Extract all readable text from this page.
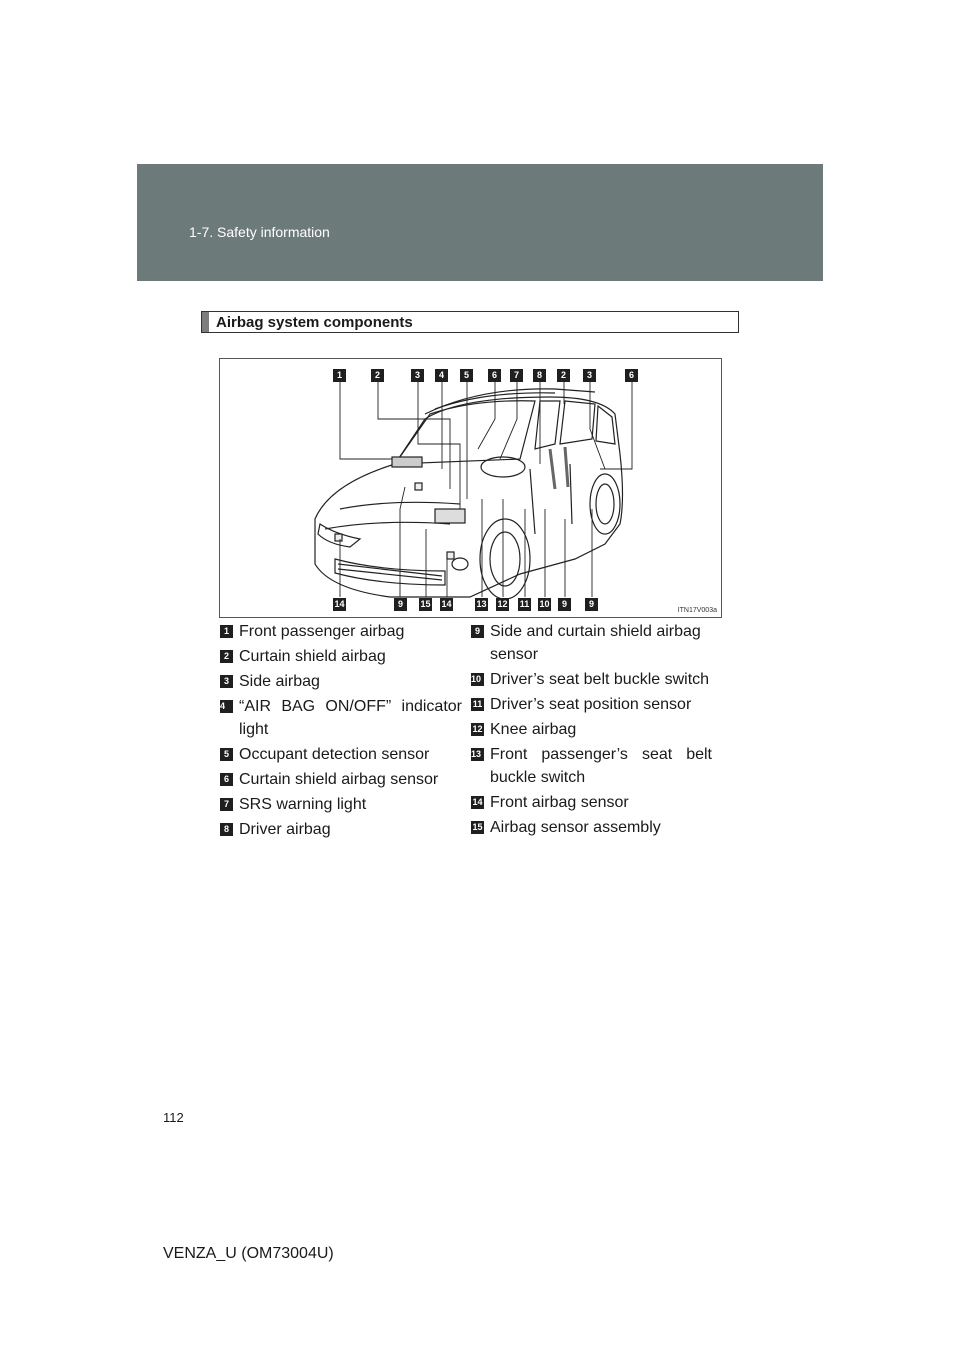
1-7. Safety information
Airbag system components
1	2	3	4	5	6	7	8	2	3	6
14	9	15 14	13 12 11 10	9	9
ITN17V003a
1 Front passenger airbag
2 Curtain shield airbag
3 Side airbag
4 “AIR BAG ON/OFF” indicator light
5 Occupant detection sensor
6 Curtain shield airbag sensor
7 SRS warning light
8 Driver airbag
9 Side and curtain shield airbag sensor
10 Driver’s seat belt buckle switch
11 Driver’s seat position sensor
12 Knee airbag
13 Front passenger’s seat belt buckle switch
14 Front airbag sensor
15 Airbag sensor assembly
112
VENZA_U (OM73004U)
